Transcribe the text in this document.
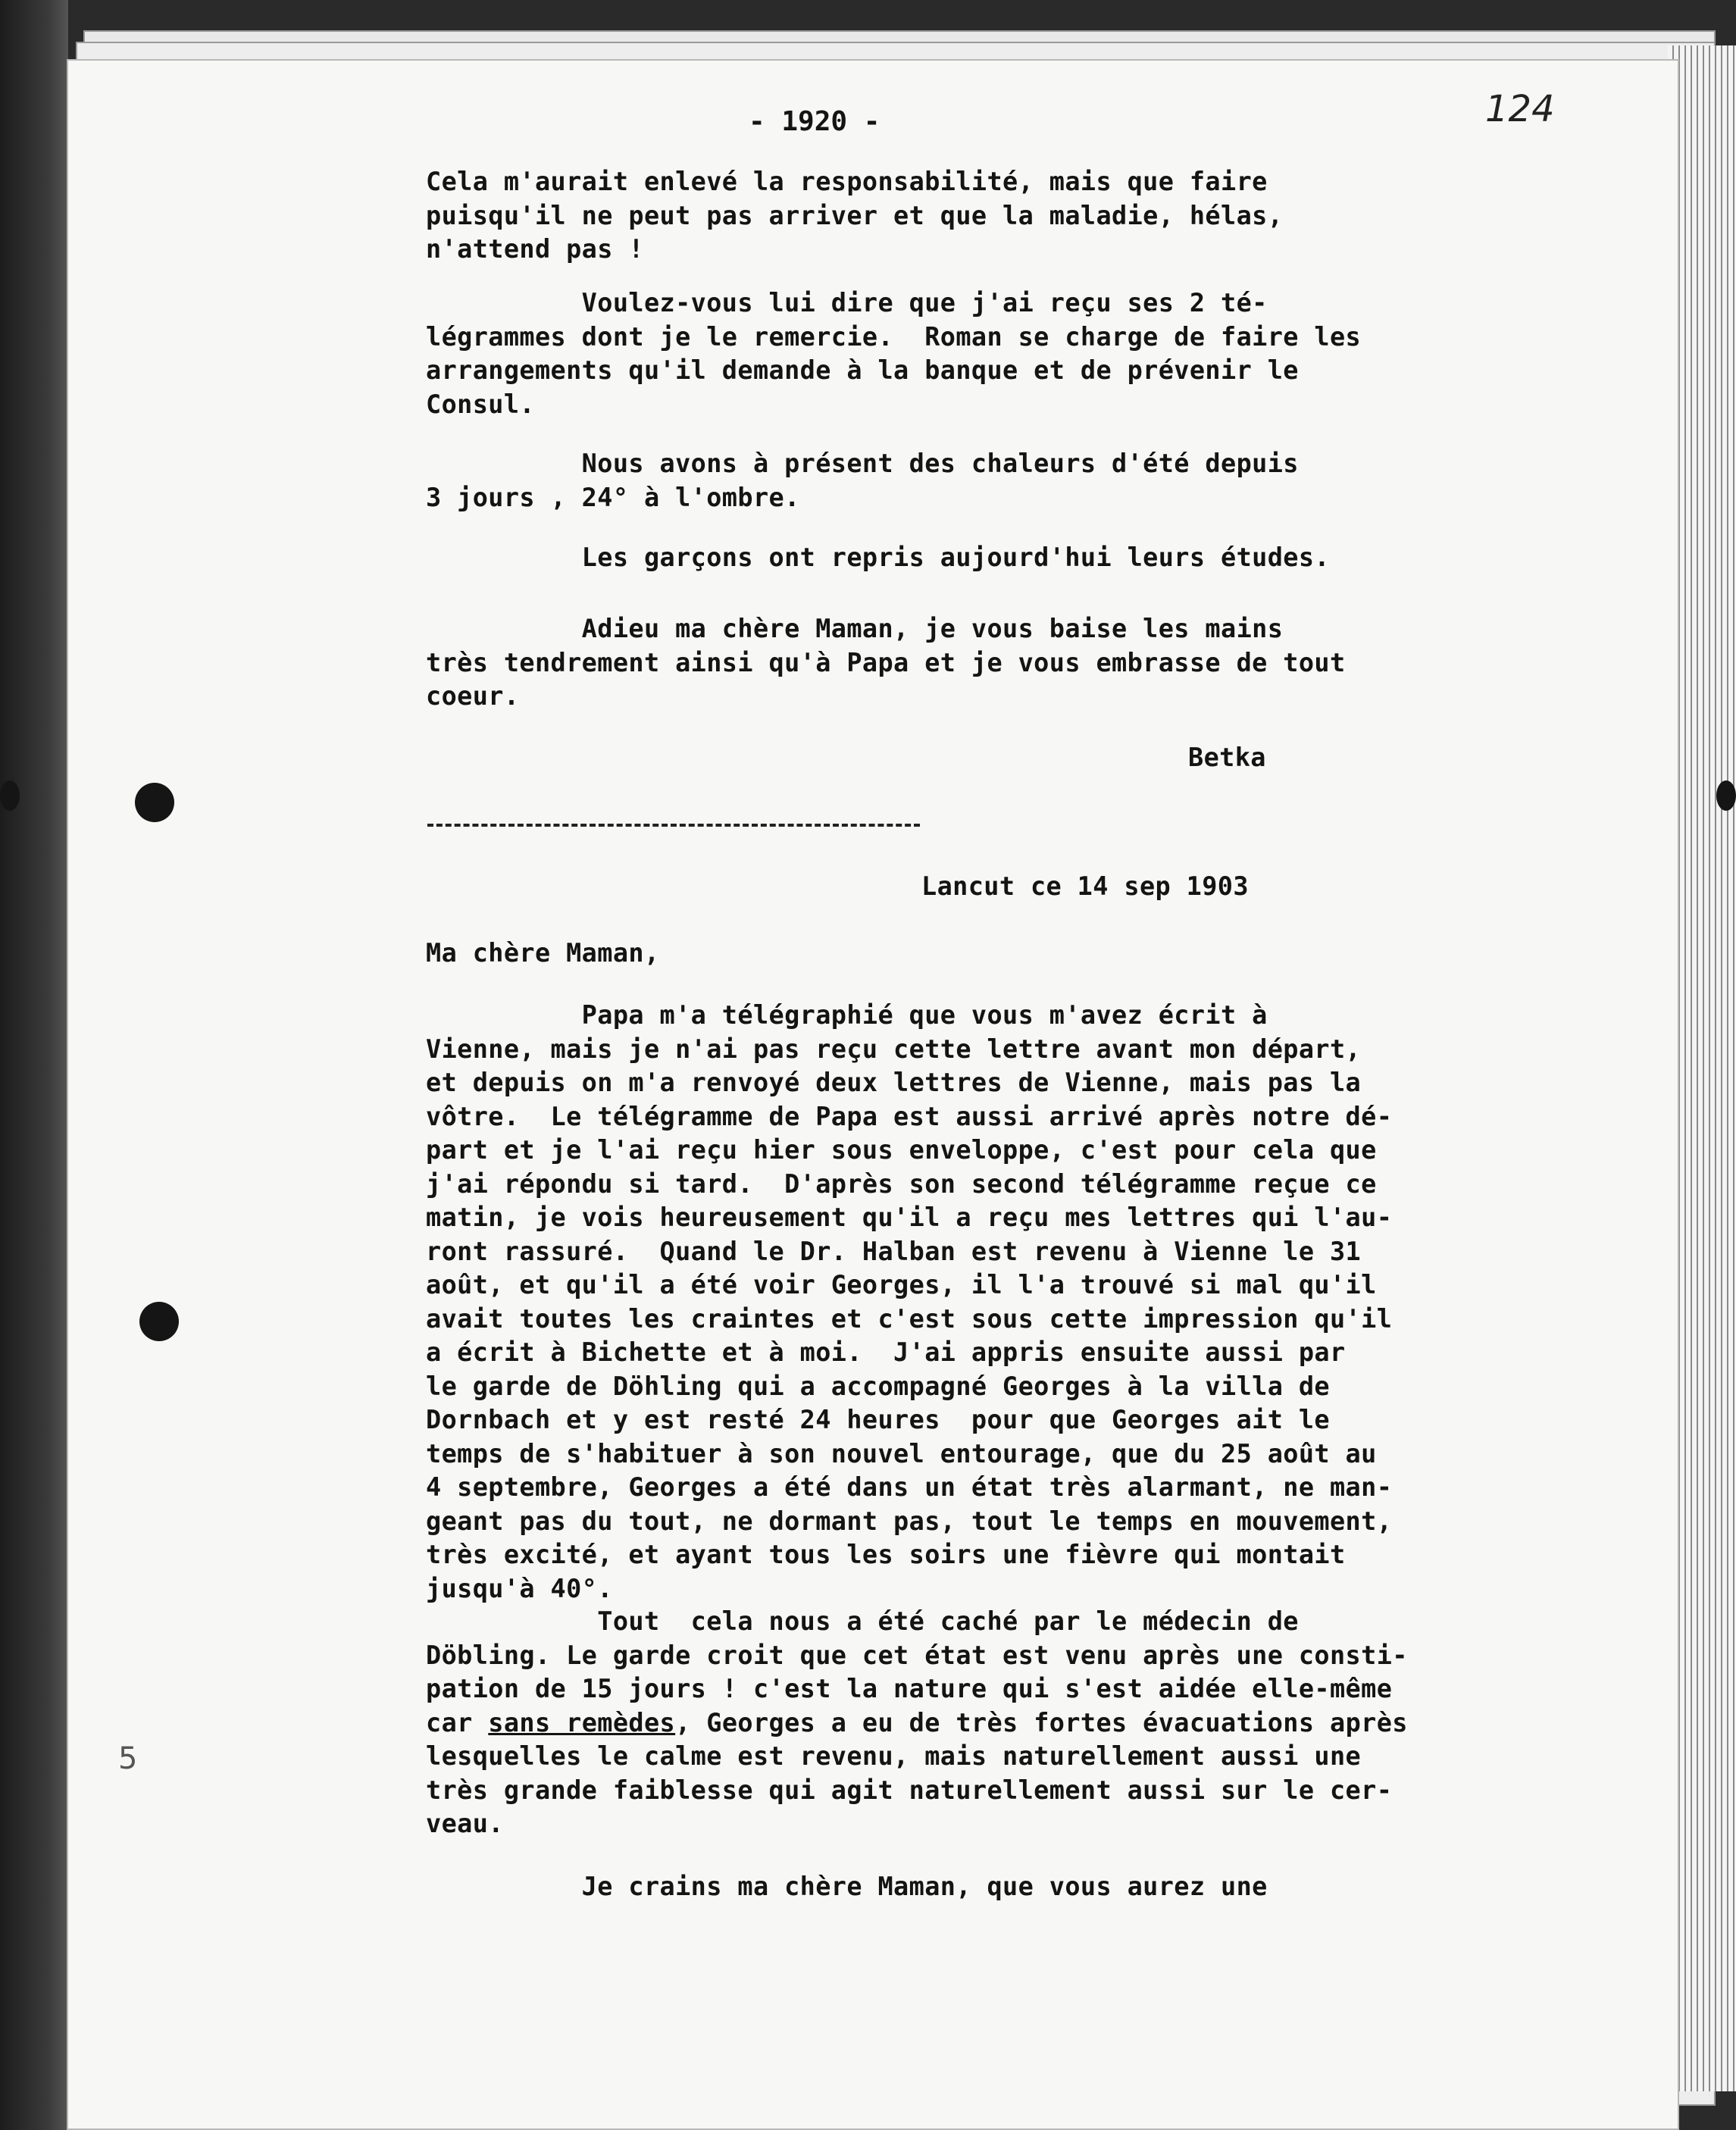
- 1920 -	124
Cela m'aurait enlevé la responsabilité, mais que faire
puisqu'il ne peut pas arriver et que la maladie, hélas,
n'attend pas !
Voulez-vous lui dire que j'ai reçu ses 2 té-
légrammes dont je le remercie.  Roman se charge de faire les
arrangements qu'il demande à la banque et de prévenir le
Consul.
Nous avons à présent des chaleurs d'été depuis
3 jours , 24° à l'ombre.
Les garçons ont repris aujourd'hui leurs études.
Adieu ma chère Maman, je vous baise les mains
très tendrement ainsi qu'à Papa et je vous embrasse de tout
coeur.
Betka
Lancut ce 14 sep 1903
Ma chère Maman,
Papa m'a télégraphié que vous m'avez écrit à
Vienne, mais je n'ai pas reçu cette lettre avant mon départ,
et depuis on m'a renvoyé deux lettres de Vienne, mais pas la
vôtre.  Le télégramme de Papa est aussi arrivé après notre dé-
part et je l'ai reçu hier sous enveloppe, c'est pour cela que
j'ai répondu si tard.  D'après son second télégramme reçue ce
matin, je vois heureusement qu'il a reçu mes lettres qui l'au-
ront rassuré.  Quand le Dr. Halban est revenu à Vienne le 31
août, et qu'il a été voir Georges, il l'a trouvé si mal qu'il
avait toutes les craintes et c'est sous cette impression qu'il
a écrit à Bichette et à moi.  J'ai appris ensuite aussi par
le garde de Döhling qui a accompagné Georges à la villa de
Dornbach et y est resté 24 heures  pour que Georges ait le
temps de s'habituer à son nouvel entourage, que du 25 août au
4 septembre, Georges a été dans un état très alarmant, ne man-
geant pas du tout, ne dormant pas, tout le temps en mouvement,
très excité, et ayant tous les soirs une fièvre qui montait
jusqu'à 40°.
Tout  cela nous a été caché par le médecin de
Döbling. Le garde croit que cet état est venu après une consti-
pation de 15 jours ! c'est la nature qui s'est aidée elle-même
car sans remèdes, Georges a eu de très fortes évacuations après
lesquelles le calme est revenu, mais naturellement aussi une
très grande faiblesse qui agit naturellement aussi sur le cer-
veau.
Je crains ma chère Maman, que vous aurez une
5
